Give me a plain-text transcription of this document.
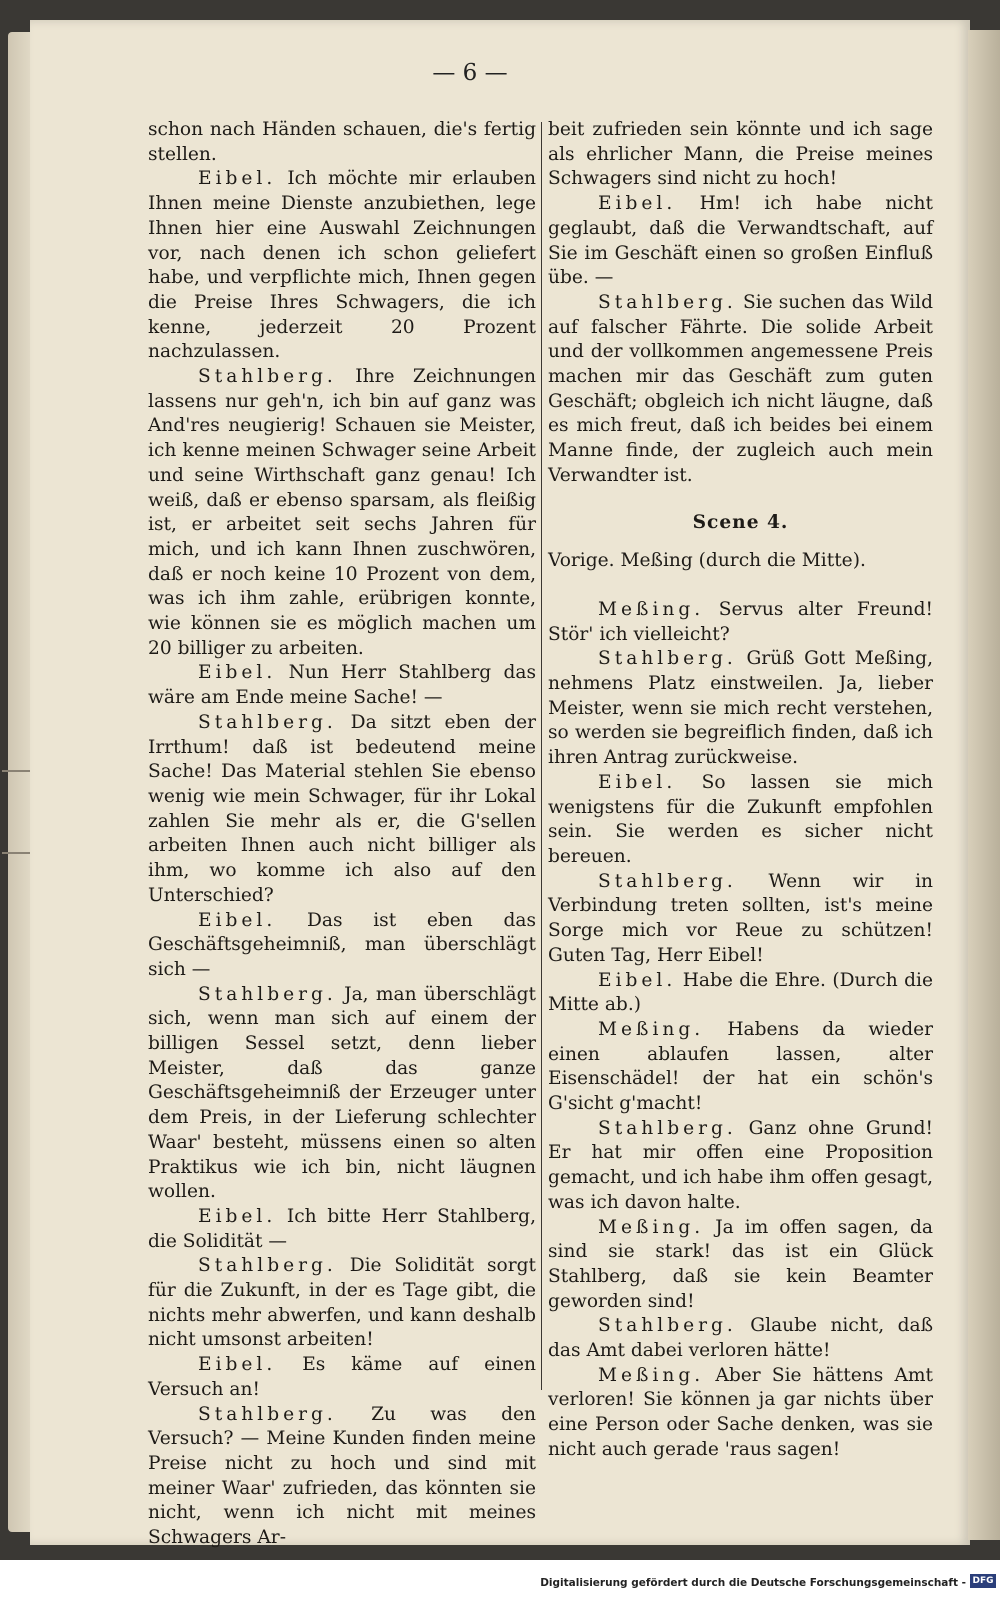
— 6 —

schon nach Händen schauen, die's fertig stellen.

Eibel. Ich möchte mir erlauben Ihnen meine Dienste anzubiethen, lege Ihnen hier eine Auswahl Zeichnungen vor, nach denen ich schon geliefert habe, und verpflichte mich, Ihnen gegen die Preise Ihres Schwagers, die ich kenne, jederzeit 20 Prozent nachzulassen.

Stahlberg. Ihre Zeichnungen lassens nur geh'n, ich bin auf ganz was And'res neugierig! Schauen sie Meister, ich kenne meinen Schwager seine Arbeit und seine Wirthschaft ganz genau! Ich weiß, daß er ebenso sparsam, als fleißig ist, er arbeitet seit sechs Jahren für mich, und ich kann Ihnen zuschwören, daß er noch keine 10 Prozent von dem, was ich ihm zahle, erübrigen konnte, wie können sie es möglich machen um 20 billiger zu arbeiten.

Eibel. Nun Herr Stahlberg das wäre am Ende meine Sache! —

Stahlberg. Da sitzt eben der Irrthum! daß ist bedeutend meine Sache! Das Material stehlen Sie ebenso wenig wie mein Schwager, für ihr Lokal zahlen Sie mehr als er, die G'sellen arbeiten Ihnen auch nicht billiger als ihm, wo komme ich also auf den Unterschied?

Eibel. Das ist eben das Geschäftsgeheimniß, man überschlägt sich —

Stahlberg. Ja, man überschlägt sich, wenn man sich auf einem der billigen Sessel setzt, denn lieber Meister, daß das ganze Geschäftsgeheimniß der Erzeuger unter dem Preis, in der Lieferung schlechter Waar' besteht, müssens einen so alten Praktikus wie ich bin, nicht läugnen wollen.

Eibel. Ich bitte Herr Stahlberg, die Solidität —

Stahlberg. Die Solidität sorgt für die Zukunft, in der es Tage gibt, die nichts mehr abwerfen, und kann deshalb nicht umsonst arbeiten!

Eibel. Es käme auf einen Versuch an!

Stahlberg. Zu was den Versuch? — Meine Kunden finden meine Preise nicht zu hoch und sind mit meiner Waar' zufrieden, das könnten sie nicht, wenn ich nicht mit meines Schwagers Ar-

beit zufrieden sein könnte und ich sage als ehrlicher Mann, die Preise meines Schwagers sind nicht zu hoch!

Eibel. Hm! ich habe nicht geglaubt, daß die Verwandtschaft, auf Sie im Geschäft einen so großen Einfluß übe. —

Stahlberg. Sie suchen das Wild auf falscher Fährte. Die solide Arbeit und der vollkommen angemessene Preis machen mir das Geschäft zum guten Geschäft; obgleich ich nicht läugne, daß es mich freut, daß ich beides bei einem Manne finde, der zugleich auch mein Verwandter ist.

Scene 4.

Vorige. Meßing (durch die Mitte).

Meßing. Servus alter Freund! Stör' ich vielleicht?

Stahlberg. Grüß Gott Meßing, nehmens Platz einstweilen. Ja, lieber Meister, wenn sie mich recht verstehen, so werden sie begreiflich finden, daß ich ihren Antrag zurückweise.

Eibel. So lassen sie mich wenigstens für die Zukunft empfohlen sein. Sie werden es sicher nicht bereuen.

Stahlberg. Wenn wir in Verbindung treten sollten, ist's meine Sorge mich vor Reue zu schützen! Guten Tag, Herr Eibel!

Eibel. Habe die Ehre. (Durch die Mitte ab.)

Meßing. Habens da wieder einen ablaufen lassen, alter Eisenschädel! der hat ein schön's G'sicht g'macht!

Stahlberg. Ganz ohne Grund! Er hat mir offen eine Proposition gemacht, und ich habe ihm offen gesagt, was ich davon halte.

Meßing. Ja im offen sagen, da sind sie stark! das ist ein Glück Stahlberg, daß sie kein Beamter geworden sind!

Stahlberg. Glaube nicht, daß das Amt dabei verloren hätte!

Meßing. Aber Sie hättens Amt verloren! Sie können ja gar nichts über eine Person oder Sache denken, was sie nicht auch gerade 'raus sagen!

Digitalisierung gefördert durch die Deutsche Forschungsgemeinschaft - DFG
